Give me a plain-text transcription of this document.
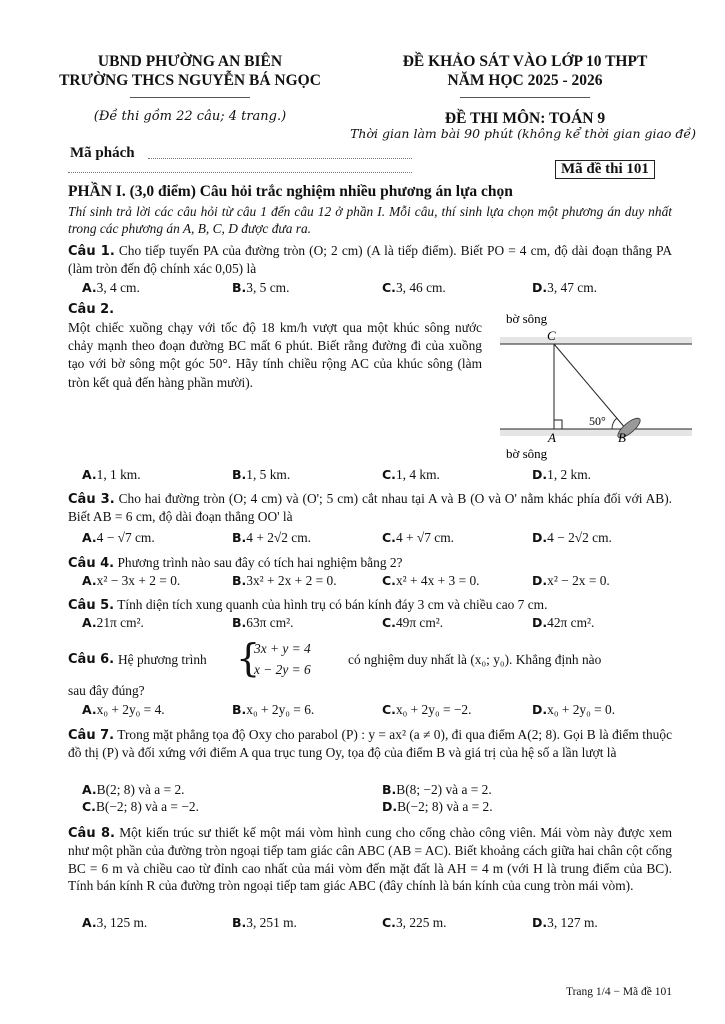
UBND PHƯỜNG AN BIÊN
TRƯỜNG THCS NGUYỄN BÁ NGỌC
(Đề thi gồm 22 câu; 4 trang.)
ĐỀ KHẢO SÁT VÀO LỚP 10 THPT
NĂM HỌC 2025 - 2026
ĐỀ THI MÔN: TOÁN 9
Thời gian làm bài 90 phút (không kể thời gian giao đề)
Mã phách
Mã đề thi 101
PHẦN I. (3,0 điểm) Câu hỏi trắc nghiệm nhiều phương án lựa chọn
Thí sinh trả lời các câu hỏi từ câu 1 đến câu 12 ở phần I. Mỗi câu, thí sinh lựa chọn một phương án duy nhất trong các phương án A, B, C, D được đưa ra.
Câu 1. Cho tiếp tuyến PA của đường tròn (O; 2 cm) (A là tiếp điểm). Biết PO = 4 cm, độ dài đoạn thẳng PA (làm tròn đến độ chính xác 0,05) là
A.3, 4 cm.	B.3, 5 cm.	C.3, 46 cm.	D.3, 47 cm.
Câu 2.
Một chiếc xuồng chạy với tốc độ 18 km/h vượt qua một khúc sông nước chảy mạnh theo đoạn đường BC mất 6 phút. Biết rằng đường đi của xuồng tạo với bờ sông một góc 50°. Hãy tính chiều rộng AC của khúc sông (làm tròn kết quả đến hàng phần mười).
bờ sông
C
50°
A	B
bờ sông
A.1, 1 km.	B.1, 5 km.	C.1, 4 km.	D.1, 2 km.
Câu 3. Cho hai đường tròn (O; 4 cm) và (O'; 5 cm) cắt nhau tại A và B (O và O' nằm khác phía đối với AB). Biết AB = 6 cm, độ dài đoạn thẳng OO' là
A.4 − √7 cm.	B.4 + 2√2 cm.	C.4 + √7 cm.	D.4 − 2√2 cm.
Câu 4. Phương trình nào sau đây có tích hai nghiệm bằng 2?
A.x² − 3x + 2 = 0.	B.3x² + 2x + 2 = 0.	C.x² + 4x + 3 = 0.	D.x² − 2x = 0.
Câu 5. Tính diện tích xung quanh của hình trụ có bán kính đáy 3 cm và chiều cao 7 cm.
A.21π cm².	B.63π cm².	C.49π cm².	D.42π cm².
Câu 6. Hệ phương trình {
3x + y = 4
x − 2y = 6
có nghiệm duy nhất là (x₀; y₀). Khẳng định nào
sau đây đúng?
A.x₀ + 2y₀ = 4.	B.x₀ + 2y₀ = 6.	C.x₀ + 2y₀ = −2.	D.x₀ + 2y₀ = 0.
Câu 7. Trong mặt phẳng tọa độ Oxy cho parabol (P) : y = ax² (a ≠ 0), đi qua điểm A(2; 8). Gọi B là điểm thuộc đồ thị (P) và đối xứng với điểm A qua trục tung Oy, tọa độ của điểm B và giá trị của hệ số a lần lượt là
A.B(2; 8) và a = 2.	B.B(8; −2) và a = 2.
C.B(−2; 8) và a = −2.	D.B(−2; 8) và a = 2.
Câu 8. Một kiến trúc sư thiết kế một mái vòm hình cung cho cổng chào công viên. Mái vòm này được xem như một phần của đường tròn ngoại tiếp tam giác cân ABC (AB = AC). Biết khoảng cách giữa hai chân cột cổng BC = 6 m và chiều cao từ đỉnh cao nhất của mái vòm đến mặt đất là AH = 4 m (với H là trung điểm của BC). Tính bán kính R của đường tròn ngoại tiếp tam giác ABC (đây chính là bán kính của cung tròn mái vòm).
A.3, 125 m.	B.3, 251 m.	C.3, 225 m.	D.3, 127 m.
Trang 1/4 − Mã đề 101
